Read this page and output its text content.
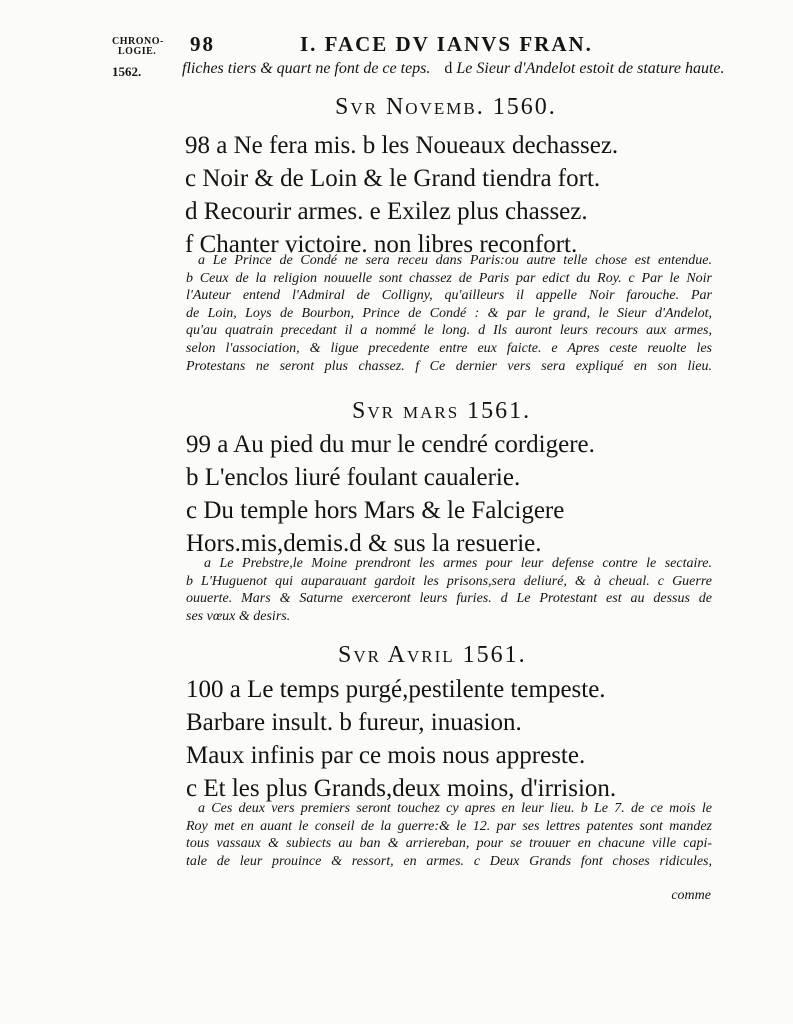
CHRONO-
LOGIE.	98	I. FACE DV IANVS FRAN.
1562.	fliches tiers & quart ne font de ce teps. d Le Sieur d'Andelot estoit de stature haute.
Svr Novemb. 1560.
98 a Ne fera mis. b les Noueaux dechassez.
c Noir & de Loin & le Grand tiendra fort.
d Recourir armes. e Exilez plus chassez.
f Chanter victoire. non libres reconfort.
a Le Prince de Condé ne sera receu dans Paris:ou autre telle chose est entendue.
b Ceux de la religion nouuelle sont chassez de Paris par edict du Roy. c Par le Noir
l'Auteur entend l'Admiral de Colligny, qu'ailleurs il appelle Noir farouche. Par
de Loin, Loys de Bourbon, Prince de Condé : & par le grand, le Sieur d'Andelot,
qu'au quatrain precedant il a nommé le long. d Ils auront leurs recours aux armes,
selon l'association, & ligue precedente entre eux faicte. e Apres ceste reuolte les
Protestans ne seront plus chassez. f Ce dernier vers sera expliqué en son lieu.
Svr mars 1561.
99 a Au pied du mur le cendré cordigere.
b L'enclos liuré foulant caualerie.
c Du temple hors Mars & le Falcigere
Hors.mis,demis.d & sus la resuerie.
a Le Prebstre,le Moine prendront les armes pour leur defense contre le sectaire.
b L'Huguenot qui auparauant gardoit les prisons,sera deliuré, & à cheual. c Guerre
ouuerte. Mars & Saturne exerceront leurs furies. d Le Protestant est au dessus de
ses vœux & desirs.
Svr Avril 1561.
100 a Le temps purgé,pestilente tempeste.
Barbare insult. b fureur, inuasion.
Maux infinis par ce mois nous appreste.
c Et les plus Grands,deux moins, d'irrision.
a Ces deux vers premiers seront touchez cy apres en leur lieu. b Le 7. de ce mois le
Roy met en auant le conseil de la guerre:& le 12. par ses lettres patentes sont mandez
tous vassaux & subiects au ban & arriereban, pour se trouuer en chacune ville capi-
tale de leur prouince & ressort, en armes. c Deux Grands font choses ridicules,
comme
